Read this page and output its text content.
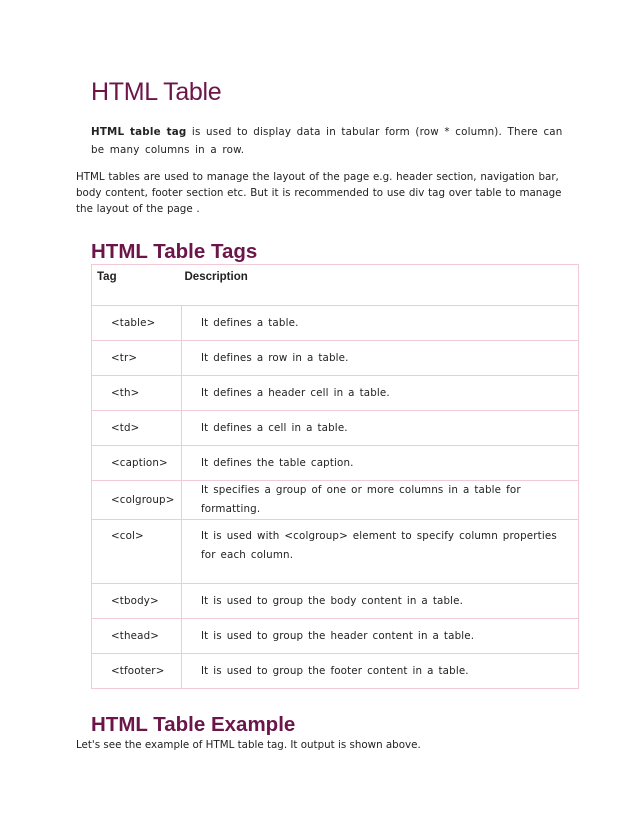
HTML Table

HTML table tag is used to display data in tabular form (row * column). There can be many columns in a row.

HTML tables are used to manage the layout of the page e.g. header section, navigation bar, body content, footer section etc. But it is recommended to use div tag over table to manage the layout of the page .

HTML Table Tags
Tag	Description
<table>	It defines a table.
<tr>	It defines a row in a table.
<th>	It defines a header cell in a table.
<td>	It defines a cell in a table.
<caption>	It defines the table caption.
<colgroup>	It specifies a group of one or more columns in a table for formatting.
<col>	It is used with <colgroup> element to specify column properties for each column.
<tbody>	It is used to group the body content in a table.
<thead>	It is used to group the header content in a table.
<tfooter>	It is used to group the footer content in a table.
HTML Table Example

Let's see the example of HTML table tag. It output is shown above.
